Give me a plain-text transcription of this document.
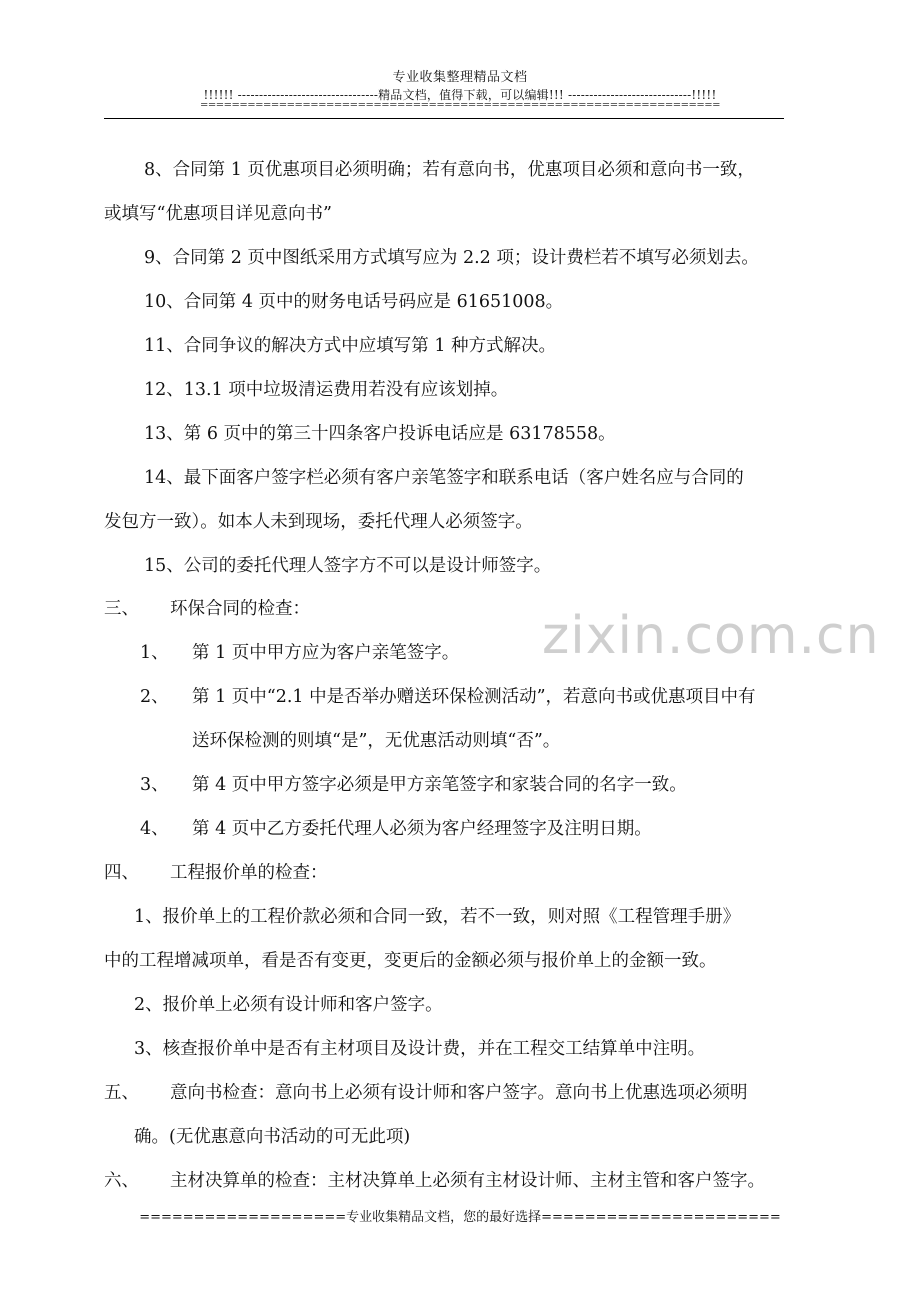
专业收集整理精品文档
!!!!!! ---------------------------------精品文档，值得下载，可以编辑!!! -----------------------------!!!!!
==================================================================
8、合同第 1 页优惠项目必须明确；若有意向书，优惠项目必须和意向书一致，
或填写“优惠项目详见意向书”
9、合同第 2 页中图纸采用方式填写应为 2.2 项；设计费栏若不填写必须划去。
10、合同第 4 页中的财务电话号码应是 61651008。
11、合同争议的解决方式中应填写第 1 种方式解决。
12、13.1 项中垃圾清运费用若没有应该划掉。
13、第 6 页中的第三十四条客户投诉电话应是 63178558。
14、最下面客户签字栏必须有客户亲笔签字和联系电话（客户姓名应与合同的
发包方一致）。如本人未到现场，委托代理人必须签字。
15、公司的委托代理人签字方不可以是设计师签字。
三、 环保合同的检查：
1、 第 1 页中甲方应为客户亲笔签字。
2、 第 1 页中“2.1 中是否举办赠送环保检测活动”，若意向书或优惠项目中有
送环保检测的则填“是”，无优惠活动则填“否”。
3、 第 4 页中甲方签字必须是甲方亲笔签字和家装合同的名字一致。
4、 第 4 页中乙方委托代理人必须为客户经理签字及注明日期。
四、 工程报价单的检查：
1、报价单上的工程价款必须和合同一致，若不一致，则对照《工程管理手册》
中的工程增减项单，看是否有变更，变更后的金额必须与报价单上的金额一致。
2、报价单上必须有设计师和客户签字。
3、核查报价单中是否有主材项目及设计费，并在工程交工结算单中注明。
五、 意向书检查：意向书上必须有设计师和客户签字。意向书上优惠选项必须明
确。(无优惠意向书活动的可无此项)
六、 主材决算单的检查：主材决算单上必须有主材设计师、主材主管和客户签字。
zixin.com.cn
===================专业收集精品文档，您的最好选择======================
